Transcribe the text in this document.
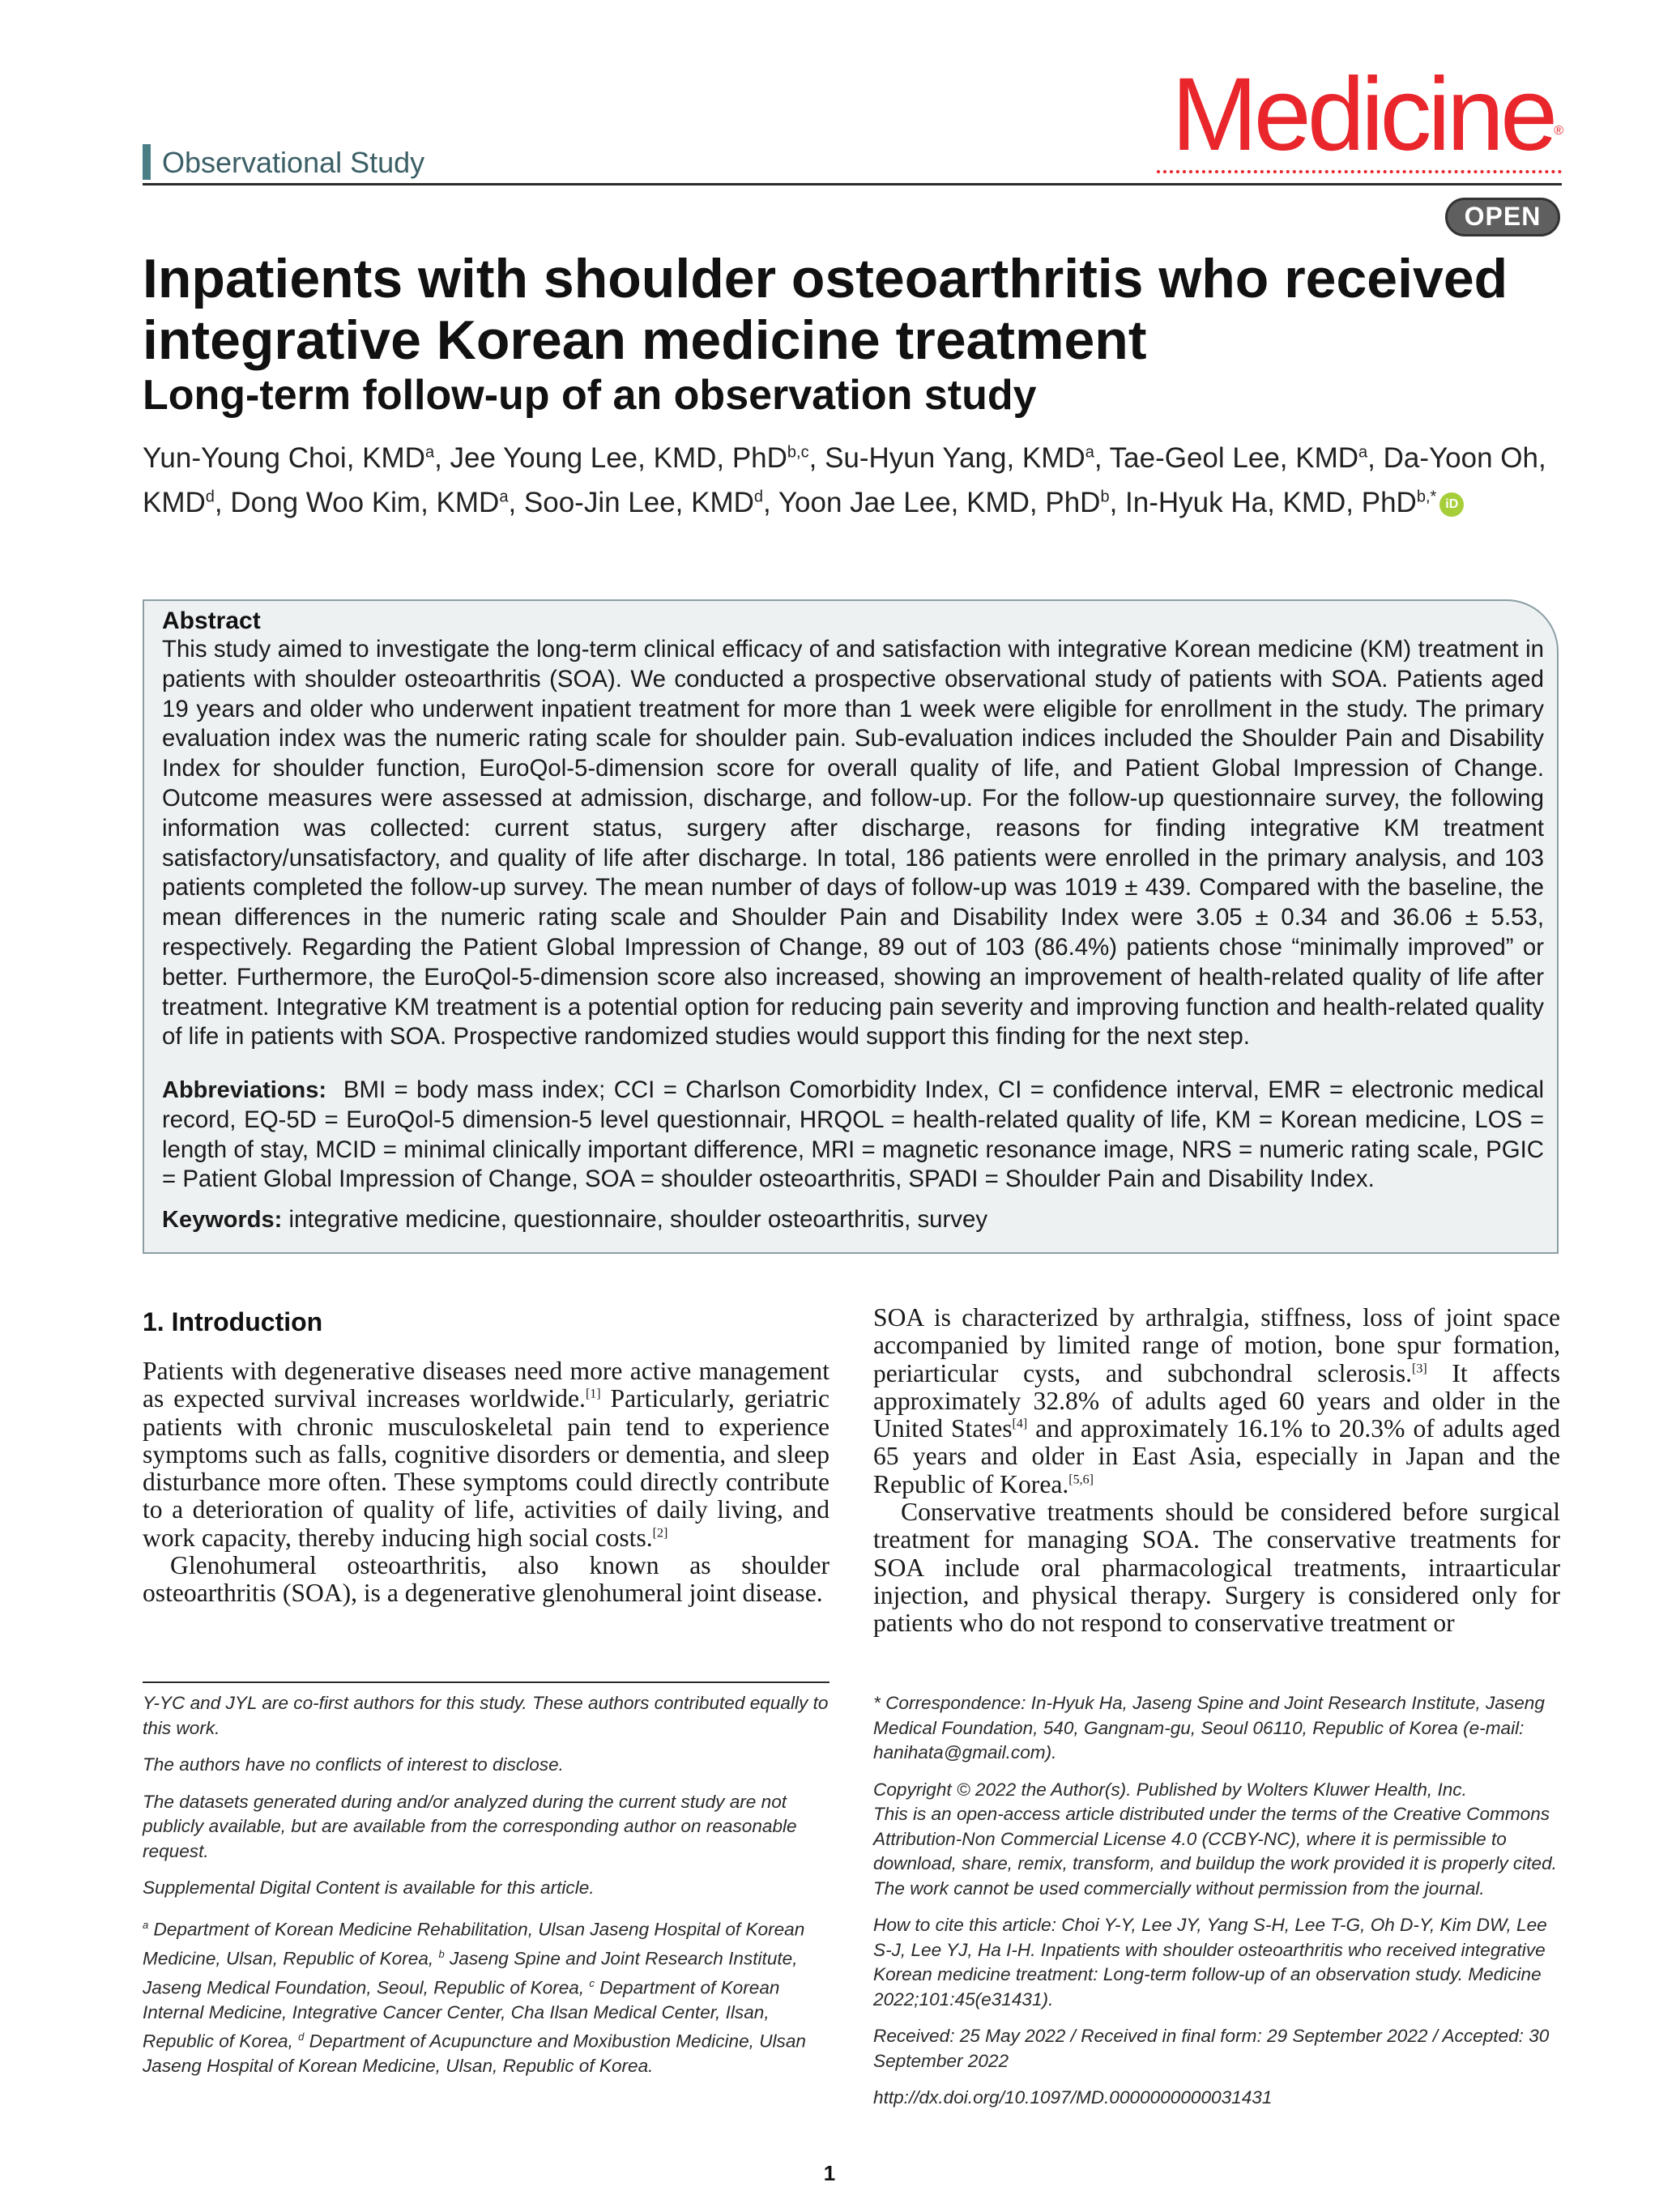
Observational Study	Medicine®
OPEN
Inpatients with shoulder osteoarthritis who received integrative Korean medicine treatment
Long-term follow-up of an observation study
Yun-Young Choi, KMD$^a$, Jee Young Lee, KMD, PhD$^{b,c}$, Su-Hyun Yang, KMD$^a$, Tae-Geol Lee, KMD$^a$, Da-Yoon Oh, KMD$^d$, Dong Woo Kim, KMD$^a$, Soo-Jin Lee, KMD$^d$, Yoon Jae Lee, KMD, PhD$^b$, In-Hyuk Ha, KMD, PhD$^{b,*}$ iD
Abstract
This study aimed to investigate the long-term clinical efficacy of and satisfaction with integrative Korean medicine (KM) treatment in patients with shoulder osteoarthritis (SOA). We conducted a prospective observational study of patients with SOA. Patients aged 19 years and older who underwent inpatient treatment for more than 1 week were eligible for enrollment in the study. The primary evaluation index was the numeric rating scale for shoulder pain. Sub-evaluation indices included the Shoulder Pain and Disability Index for shoulder function, EuroQol-5-dimension score for overall quality of life, and Patient Global Impression of Change. Outcome measures were assessed at admission, discharge, and follow-up. For the follow-up questionnaire survey, the following information was collected: current status, surgery after discharge, reasons for finding integrative KM treatment satisfactory/unsatisfactory, and quality of life after discharge. In total, 186 patients were enrolled in the primary analysis, and 103 patients completed the follow-up survey. The mean number of days of follow-up was 1019 ± 439. Compared with the baseline, the mean differences in the numeric rating scale and Shoulder Pain and Disability Index were 3.05 ± 0.34 and 36.06 ± 5.53, respectively. Regarding the Patient Global Impression of Change, 89 out of 103 (86.4%) patients chose “minimally improved” or better. Furthermore, the EuroQol-5-dimension score also increased, showing an improvement of health-related quality of life after treatment. Integrative KM treatment is a potential option for reducing pain severity and improving function and health-related quality of life in patients with SOA. Prospective randomized studies would support this finding for the next step.
Abbreviations: BMI = body mass index; CCI = Charlson Comorbidity Index, CI = confidence interval, EMR = electronic medical record, EQ-5D = EuroQol-5 dimension-5 level questionnair, HRQOL = health-related quality of life, KM = Korean medicine, LOS = length of stay, MCID = minimal clinically important difference, MRI = magnetic resonance image, NRS = numeric rating scale, PGIC = Patient Global Impression of Change, SOA = shoulder osteoarthritis, SPADI = Shoulder Pain and Disability Index.
Keywords: integrative medicine, questionnaire, shoulder osteoarthritis, survey
1. Introduction

Patients with degenerative diseases need more active management as expected survival increases worldwide.[1] Particularly, geriatric patients with chronic musculoskeletal pain tend to experience symptoms such as falls, cognitive disorders or dementia, and sleep disturbance more often. These symptoms could directly contribute to a deterioration of quality of life, activities of daily living, and work capacity, thereby inducing high social costs.[2]

Glenohumeral osteoarthritis, also known as shoulder osteoarthritis (SOA), is a degenerative glenohumeral joint disease.

SOA is characterized by arthralgia, stiffness, loss of joint space accompanied by limited range of motion, bone spur formation, periarticular cysts, and subchondral sclerosis.[3] It affects approximately 32.8% of adults aged 60 years and older in the United States[4] and approximately 16.1% to 20.3% of adults aged 65 years and older in East Asia, especially in Japan and the Republic of Korea.[5,6]

Conservative treatments should be considered before surgical treatment for managing SOA. The conservative treatments for SOA include oral pharmacological treatments, intraarticular injection, and physical therapy. Surgery is considered only for patients who do not respond to conservative treatment or

Y-YC and JYL are co-first authors for this study. These authors contributed equally to this work.

The authors have no conflicts of interest to disclose.

The datasets generated during and/or analyzed during the current study are not publicly available, but are available from the corresponding author on reasonable request.

Supplemental Digital Content is available for this article.

$^a$ Department of Korean Medicine Rehabilitation, Ulsan Jaseng Hospital of Korean Medicine, Ulsan, Republic of Korea, $^b$ Jaseng Spine and Joint Research Institute, Jaseng Medical Foundation, Seoul, Republic of Korea, $^c$ Department of Korean Internal Medicine, Integrative Cancer Center, Cha Ilsan Medical Center, Ilsan, Republic of Korea, $^d$ Department of Acupuncture and Moxibustion Medicine, Ulsan Jaseng Hospital of Korean Medicine, Ulsan, Republic of Korea.

* Correspondence: In-Hyuk Ha, Jaseng Spine and Joint Research Institute, Jaseng Medical Foundation, 540, Gangnam-gu, Seoul 06110, Republic of Korea (e-mail: hanihata@gmail.com).

Copyright © 2022 the Author(s). Published by Wolters Kluwer Health, Inc.

This is an open-access article distributed under the terms of the Creative Commons Attribution-Non Commercial License 4.0 (CCBY-NC), where it is permissible to download, share, remix, transform, and buildup the work provided it is properly cited. The work cannot be used commercially without permission from the journal.

How to cite this article: Choi Y-Y, Lee JY, Yang S-H, Lee T-G, Oh D-Y, Kim DW, Lee S-J, Lee YJ, Ha I-H. Inpatients with shoulder osteoarthritis who received integrative Korean medicine treatment: Long-term follow-up of an observation study. Medicine 2022;101:45(e31431).

Received: 25 May 2022 / Received in final form: 29 September 2022 / Accepted: 30 September 2022

http://dx.doi.org/10.1097/MD.0000000000031431

1
